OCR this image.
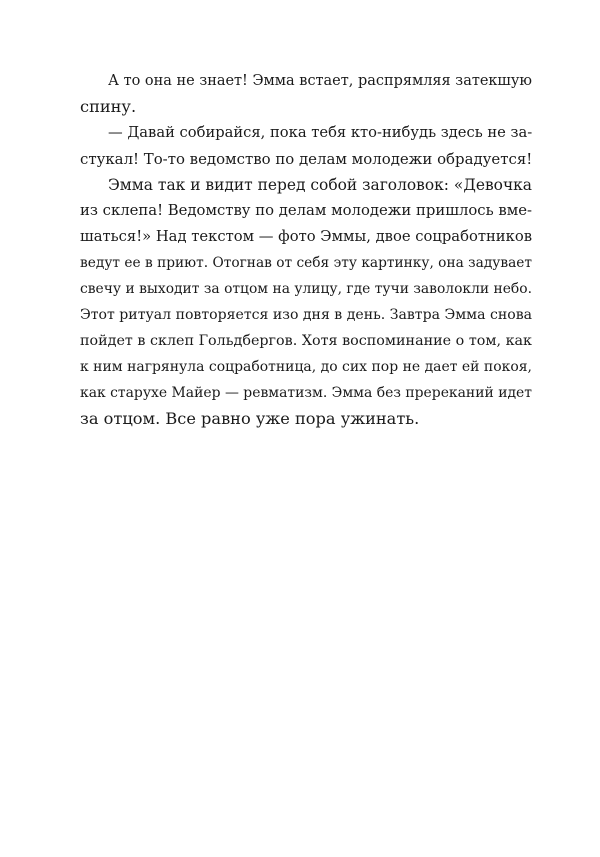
А то она не знает! Эмма встает, распрямляя затекшую
спину.
— Давай собирайся, пока тебя кто-нибудь здесь не за-
стукал! То-то ведомство по делам молодежи обрадуется!
Эмма так и видит перед собой заголовок: «Девочка
из склепа! Ведомству по делам молодежи пришлось вме-
шаться!» Над текстом — фото Эммы, двое соцработников
ведут ее в приют. Отогнав от себя эту картинку, она задувает
свечу и выходит за отцом на улицу, где тучи заволокли небо.
Этот ритуал повторяется изо дня в день. Завтра Эмма снова
пойдет в склеп Гольдбергов. Хотя воспоминание о том, как
к ним нагрянула соцработница, до сих пор не дает ей покоя,
как старухе Майер — ревматизм. Эмма без пререканий идет
за отцом. Все равно уже пора ужинать.
